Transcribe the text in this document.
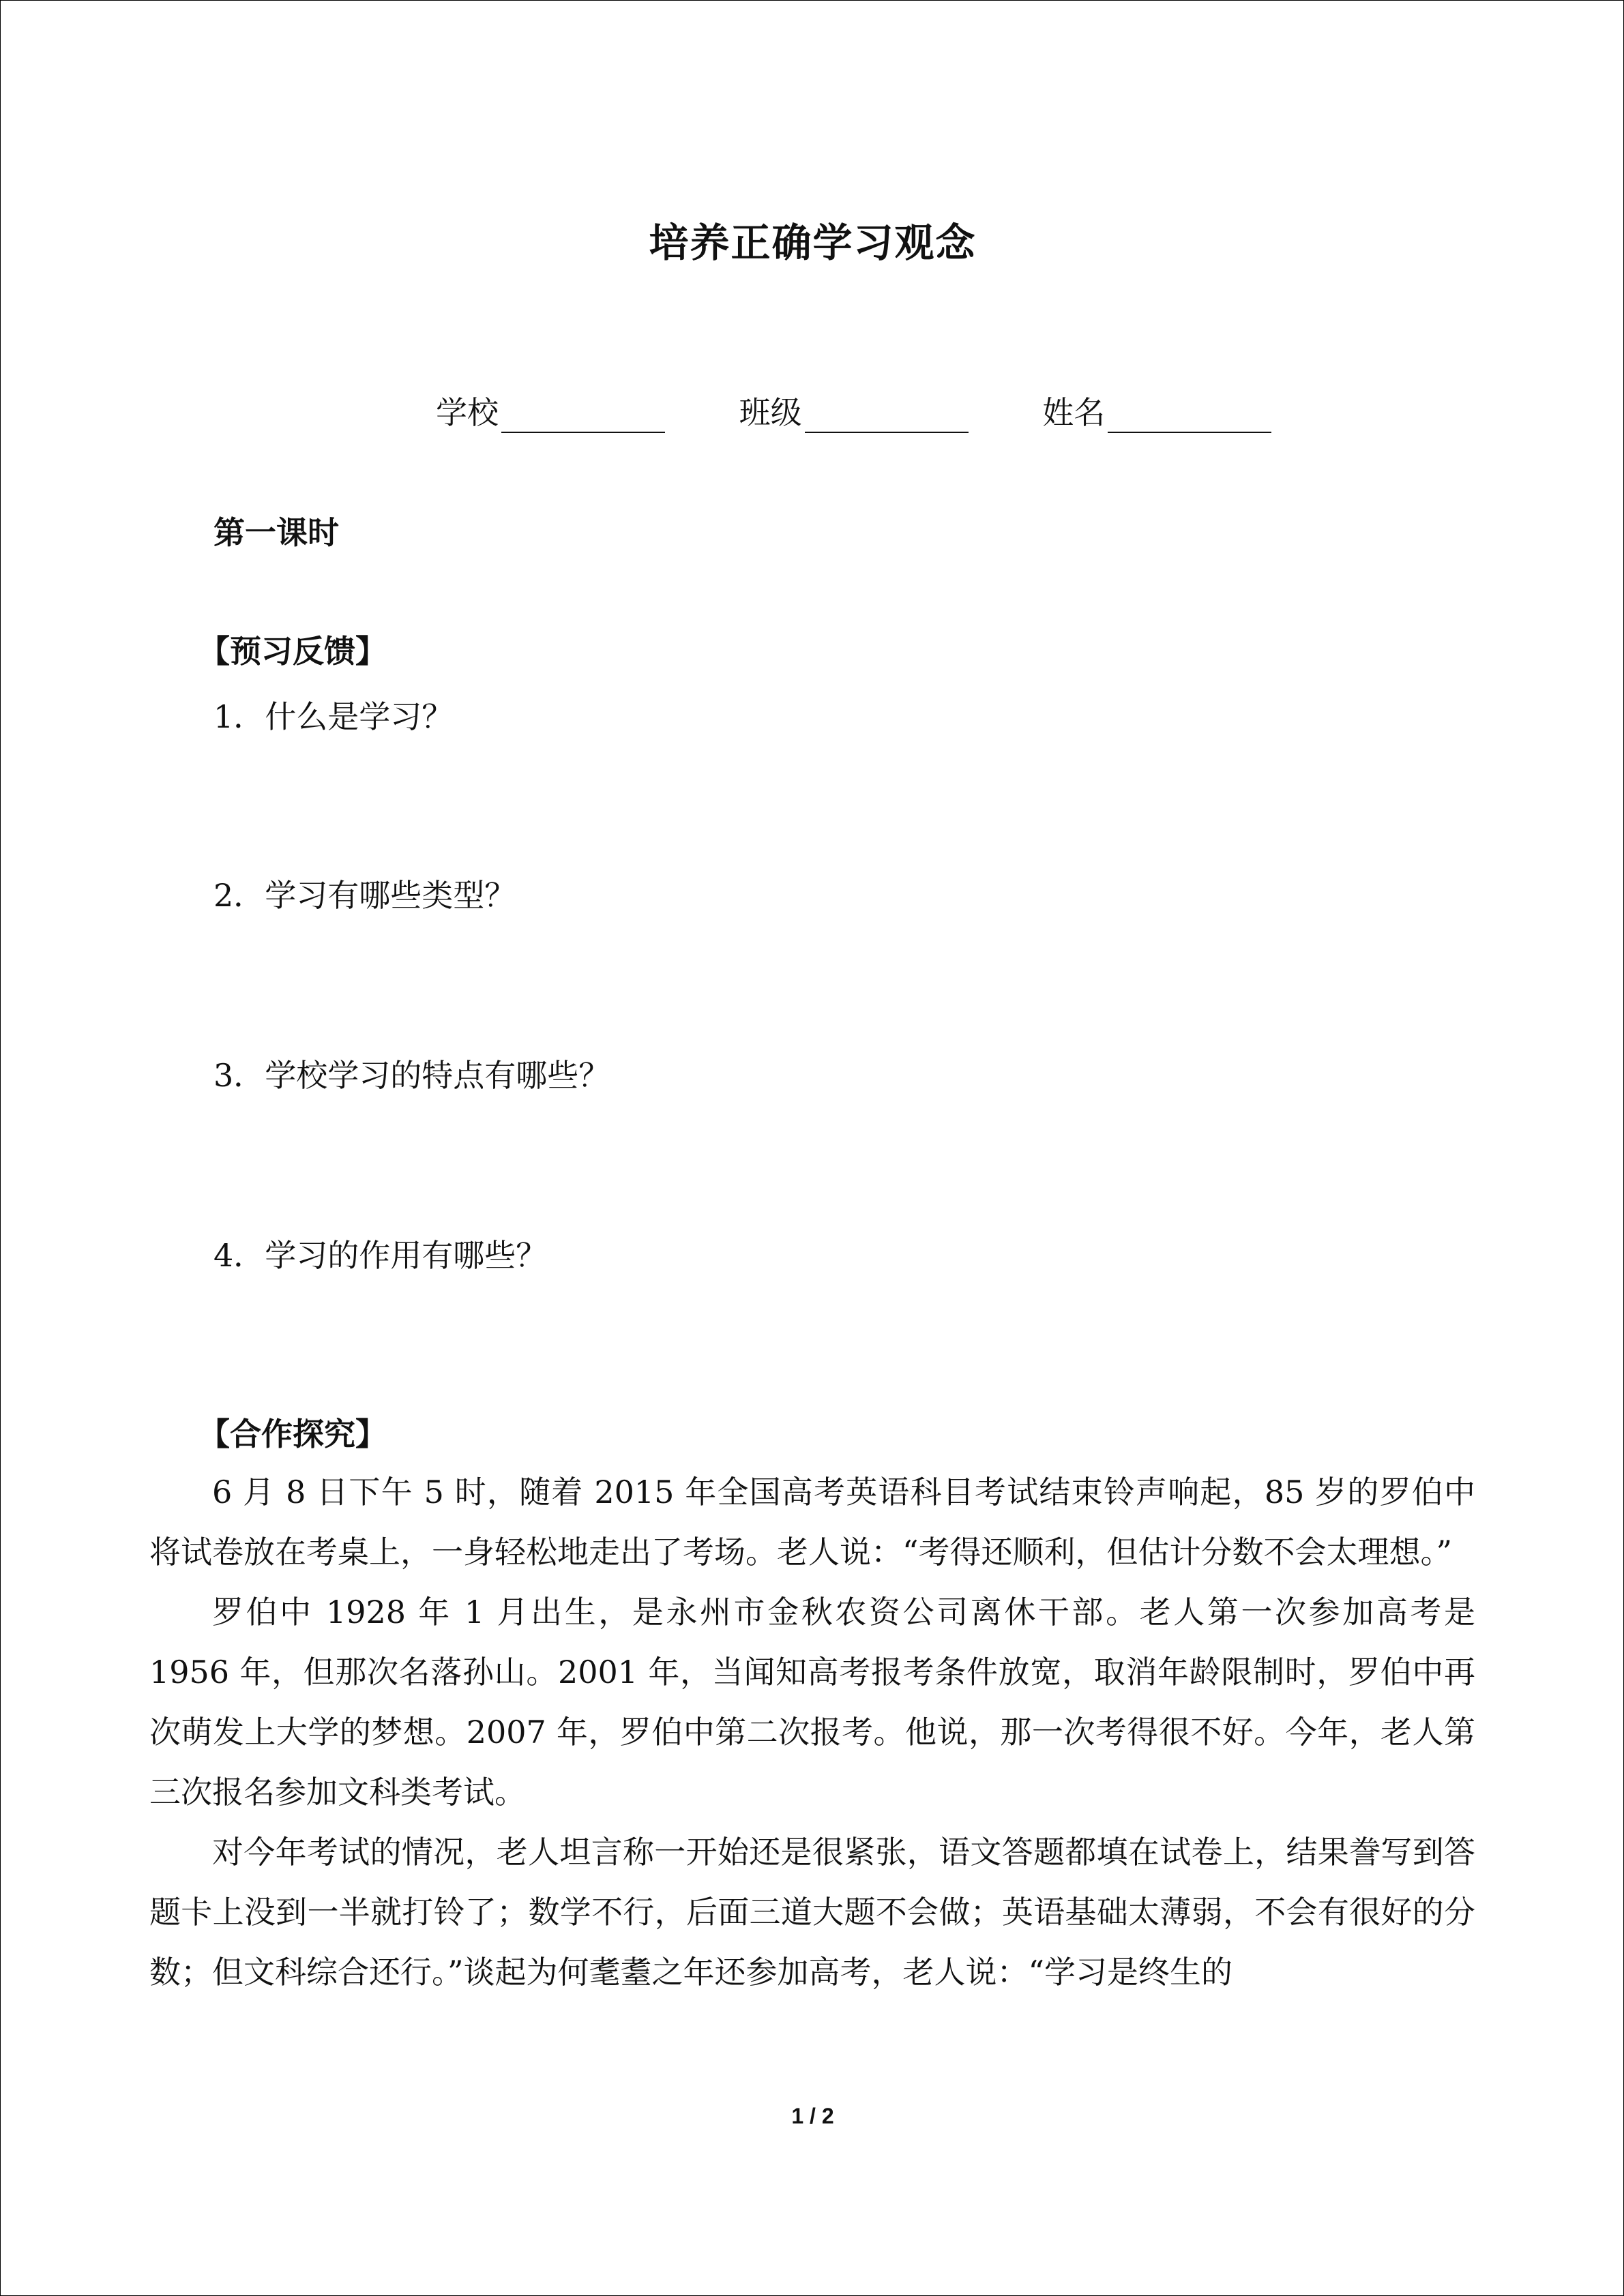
培养正确学习观念
学校	班级	姓名
第一课时
【预习反馈】
1．什么是学习？
2．学习有哪些类型？
3．学校学习的特点有哪些？
4．学习的作用有哪些？
【合作探究】

6 月 8 日下午 5 时，随着 2015 年全国高考英语科目考试结束铃声响起，85 岁的罗伯中将试卷放在考桌上，一身轻松地走出了考场。老人说：“考得还顺利，但估计分数不会太理想。”

罗伯中 1928 年 1 月出生，是永州市金秋农资公司离休干部。老人第一次参加高考是 1956 年，但那次名落孙山。2001 年，当闻知高考报考条件放宽，取消年龄限制时，罗伯中再次萌发上大学的梦想。2007 年，罗伯中第二次报考。他说，那一次考得很不好。今年，老人第三次报名参加文科类考试。

对今年考试的情况，老人坦言称一开始还是很紧张，语文答题都填在试卷上，结果誊写到答题卡上没到一半就打铃了；数学不行，后面三道大题不会做；英语基础太薄弱，不会有很好的分数；但文科综合还行。”谈起为何耄耋之年还参加高考，老人说：“学习是终生的

1 / 2
